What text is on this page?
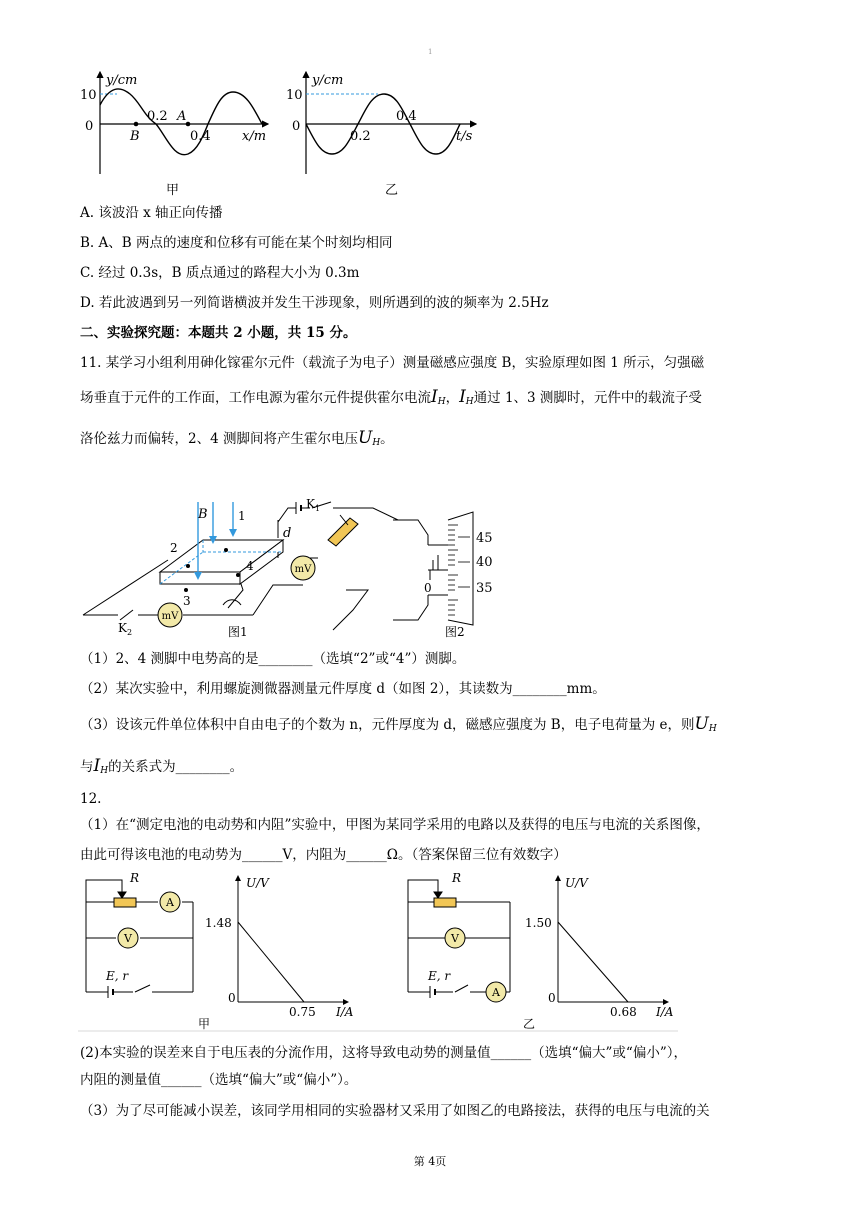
1
10
0
y/cm
0.2
B
A
0.4 x/m
甲
10
0
y/cm
0.2
0.4
t/s
乙
A. 该波沿 x 轴正向传播
B. A、B 两点的速度和位移有可能在某个时刻均相同
C. 经过 0.3s，B 质点通过的路程大小为 0.3m
D. 若此波遇到另一列简谐横波并发生干涉现象，则所遇到的波的频率为 2.5Hz
二、实验探究题：本题共 2 小题，共 15 分。
11. 某学习小组利用砷化镓霍尔元件（载流子为电子）测量磁感应强度 B，实验原理如图 1 所示，匀强磁
场垂直于元件的工作面，工作电源为霍尔元件提供霍尔电流$I_H$，$I_H$通过 1、3 测脚时，元件中的载流子受
洛伦兹力而偏转，2、4 测脚间将产生霍尔电压$U_H$。
mV
mV
B	1
d
2
4
3
$K_1$
$K_2$	图1
45
40
35
0
图2
（1）2、4 测脚中电势高的是________（选填“2”或“4”）测脚。
（2）某次实验中，利用螺旋测微器测量元件厚度 d（如图 2），其读数为________mm。
（3）设该元件单位体积中自由电子的个数为 n，元件厚度为 d，磁感应强度为 B，电子电荷量为 e，则$U_H$
与$I_H$的关系式为________。
12.
（1）在“测定电池的电动势和内阻”实验中，甲图为某同学采用的电路以及获得的电压与电流的关系图像，
由此可得该电池的电动势为______V，内阻为______Ω。（答案保留三位有效数字）
A
V
R
E, r
U/V
1.48
0
0.75 I/A
甲
V
A
R
E, r
U/V
1.50
0
0.68 I/A
乙
(2)本实验的误差来自于电压表的分流作用，这将导致电动势的测量值______（选填“偏大”或“偏小”），
内阻的测量值______（选填“偏大”或“偏小”）。
（3）为了尽可能减小误差，该同学用相同的实验器材又采用了如图乙的电路接法，获得的电压与电流的关
第 4页
